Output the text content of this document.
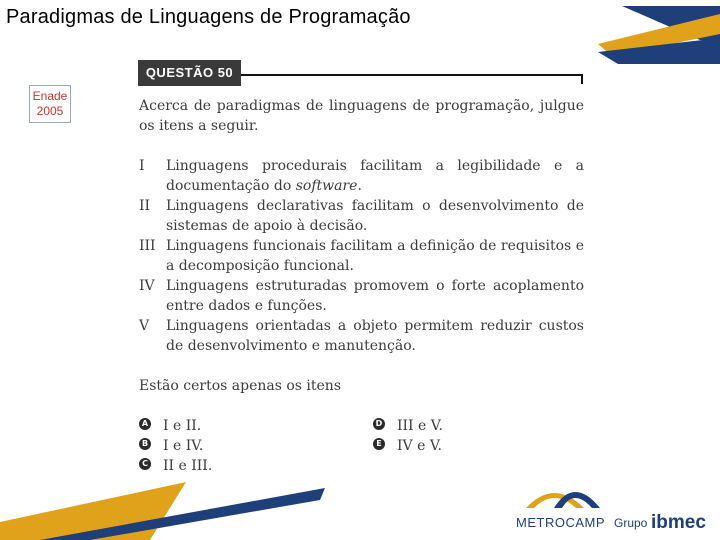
Paradigmas de Linguagens de Programação
Enade
2005
QUESTÃO 50
Acerca de paradigmas de linguagens de programação, julgue os itens a seguir.
I Linguagens procedurais facilitam a legibilidade e a documentação do software.
II Linguagens declarativas facilitam o desenvolvimento de sistemas de apoio à decisão.
III Linguagens funcionais facilitam a definição de requisitos e a decomposição funcional.
IV Linguagens estruturadas promovem o forte acoplamento entre dados e funções.
V Linguagens orientadas a objeto permitem reduzir custos de desenvolvimento e manutenção.
Estão certos apenas os itens
A I e II.
B I e IV.
C II e III.
D III e V.
E IV e V.
METROCAMP Grupo ibmec
